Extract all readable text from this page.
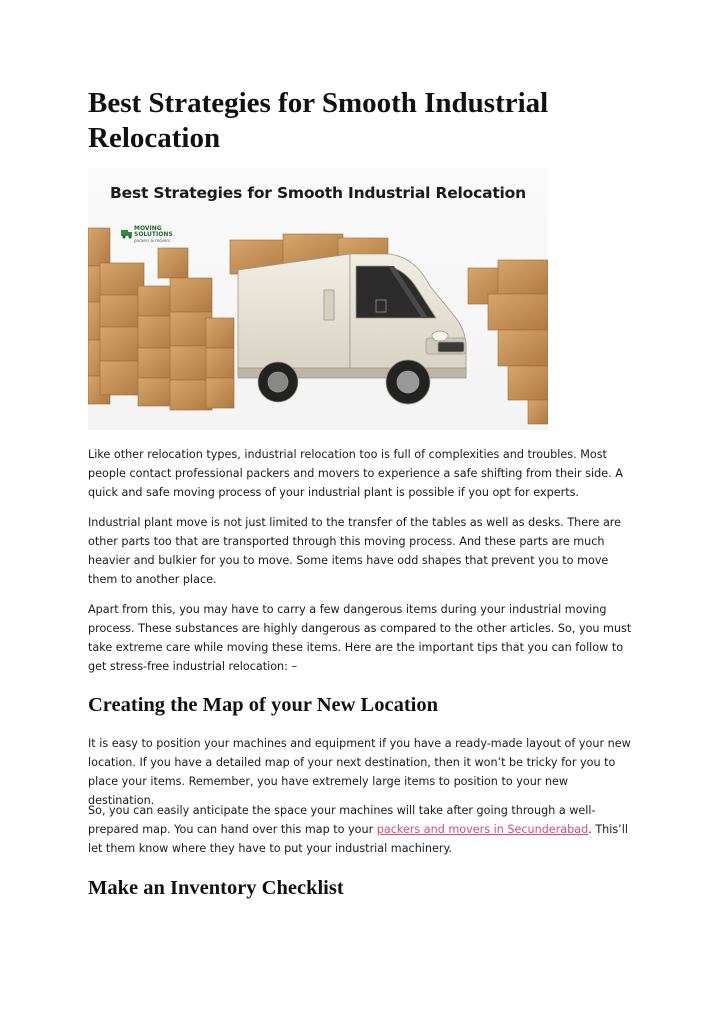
Best Strategies for Smooth Industrial Relocation
Best Strategies for Smooth Industrial Relocation
MOVING SOLUTIONS
packers & movers

Like other relocation types, industrial relocation too is full of complexities and troubles. Most people contact professional packers and movers to experience a safe shifting from their side. A quick and safe moving process of your industrial plant is possible if you opt for experts.

Industrial plant move is not just limited to the transfer of the tables as well as desks. There are other parts too that are transported through this moving process. And these parts are much heavier and bulkier for you to move. Some items have odd shapes that prevent you to move them to another place.

Apart from this, you may have to carry a few dangerous items during your industrial moving process. These substances are highly dangerous as compared to the other articles. So, you must take extreme care while moving these items. Here are the important tips that you can follow to get stress-free industrial relocation: –

Creating the Map of your New Location

It is easy to position your machines and equipment if you have a ready-made layout of your new location. If you have a detailed map of your next destination, then it won’t be tricky for you to place your items. Remember, you have extremely large items to position to your new destination.

So, you can easily anticipate the space your machines will take after going through a well-prepared map. You can hand over this map to your packers and movers in Secunderabad. This’ll let them know where they have to put your industrial machinery.

Make an Inventory Checklist
